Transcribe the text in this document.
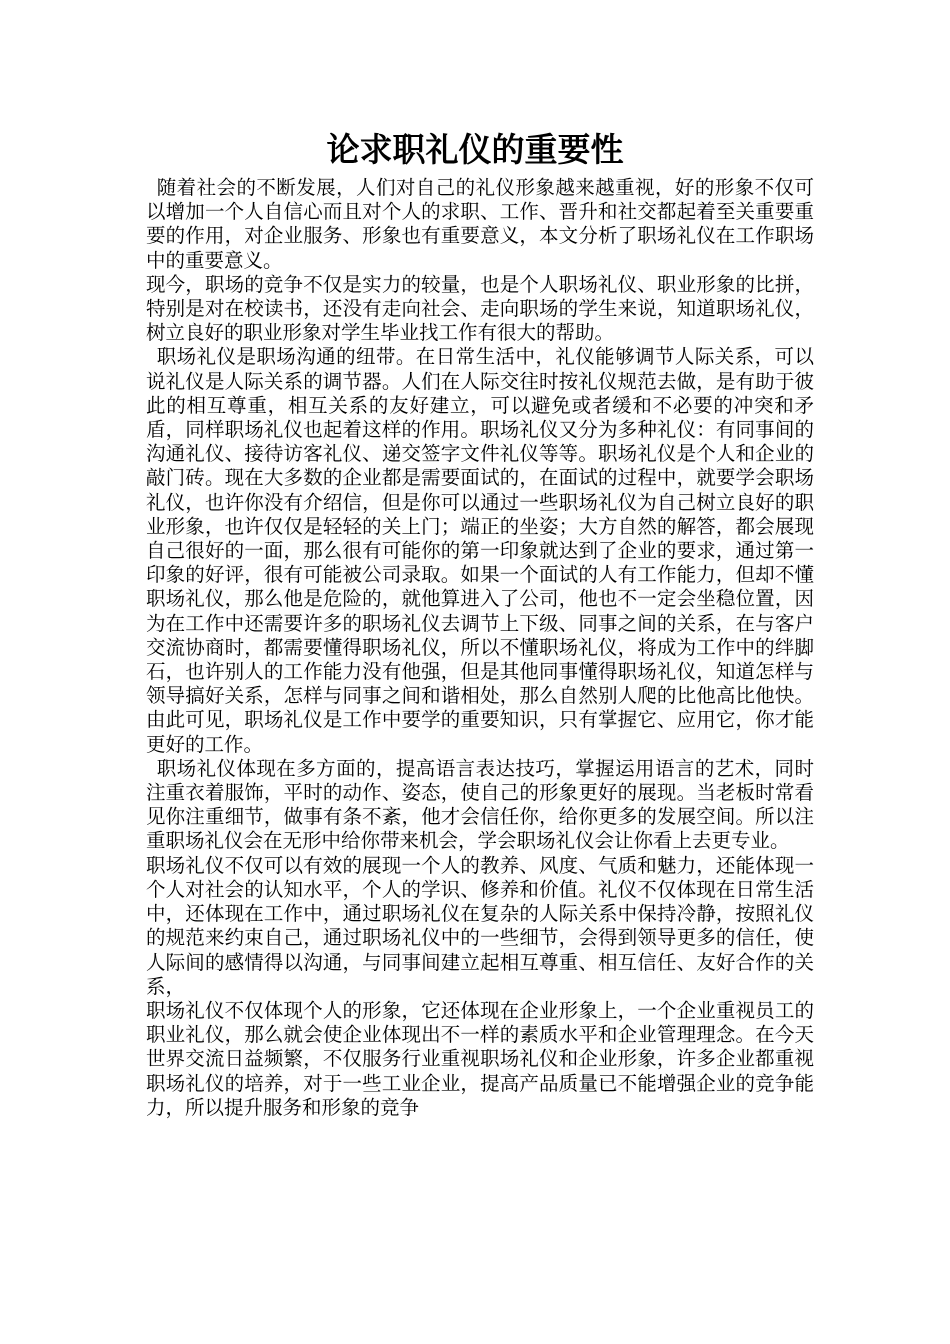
论求职礼仪的重要性

随着社会的不断发展，人们对自己的礼仪形象越来越重视，好的形象不仅可以增加一个人自信心而且对个人的求职、工作、晋升和社交都起着至关重要重要的作用，对企业服务、形象也有重要意义，本文分析了职场礼仪在工作职场中的重要意义。

现今，职场的竞争不仅是实力的较量，也是个人职场礼仪、职业形象的比拼，特别是对在校读书，还没有走向社会、走向职场的学生来说，知道职场礼仪，树立良好的职业形象对学生毕业找工作有很大的帮助。

职场礼仪是职场沟通的纽带。在日常生活中，礼仪能够调节人际关系，可以说礼仪是人际关系的调节器。人们在人际交往时按礼仪规范去做，是有助于彼此的相互尊重，相互关系的友好建立，可以避免或者缓和不必要的冲突和矛盾，同样职场礼仪也起着这样的作用。职场礼仪又分为多种礼仪：有同事间的沟通礼仪、接待访客礼仪、递交签字文件礼仪等等。职场礼仪是个人和企业的敲门砖。现在大多数的企业都是需要面试的，在面试的过程中，就要学会职场礼仪，也许你没有介绍信，但是你可以通过一些职场礼仪为自己树立良好的职业形象，也许仅仅是轻轻的关上门；端正的坐姿；大方自然的解答，都会展现自己很好的一面，那么很有可能你的第一印象就达到了企业的要求，通过第一印象的好评，很有可能被公司录取。如果一个面试的人有工作能力，但却不懂职场礼仪，那么他是危险的，就他算进入了公司，他也不一定会坐稳位置，因为在工作中还需要许多的职场礼仪去调节上下级、同事之间的关系，在与客户交流协商时，都需要懂得职场礼仪，所以不懂职场礼仪，将成为工作中的绊脚石，也许别人的工作能力没有他强，但是其他同事懂得职场礼仪，知道怎样与领导搞好关系，怎样与同事之间和谐相处，那么自然别人爬的比他高比他快。由此可见，职场礼仪是工作中要学的重要知识，只有掌握它、应用它，你才能更好的工作。

职场礼仪体现在多方面的，提高语言表达技巧，掌握运用语言的艺术，同时注重衣着服饰，平时的动作、姿态，使自己的形象更好的展现。当老板时常看见你注重细节，做事有条不紊，他才会信任你，给你更多的发展空间。所以注重职场礼仪会在无形中给你带来机会，学会职场礼仪会让你看上去更专业。

职场礼仪不仅可以有效的展现一个人的教养、风度、气质和魅力，还能体现一个人对社会的认知水平，个人的学识、修养和价值。礼仪不仅体现在日常生活中，还体现在工作中，通过职场礼仪在复杂的人际关系中保持冷静，按照礼仪的规范来约束自己，通过职场礼仪中的一些细节，会得到领导更多的信任，使人际间的感情得以沟通，与同事间建立起相互尊重、相互信任、友好合作的关系，

职场礼仪不仅体现个人的形象，它还体现在企业形象上，一个企业重视员工的职业礼仪，那么就会使企业体现出不一样的素质水平和企业管理理念。在今天世界交流日益频繁，不仅服务行业重视职场礼仪和企业形象，许多企业都重视职场礼仪的培养，对于一些工业企业，提高产品质量已不能增强企业的竞争能力，所以提升服务和形象的竞争
